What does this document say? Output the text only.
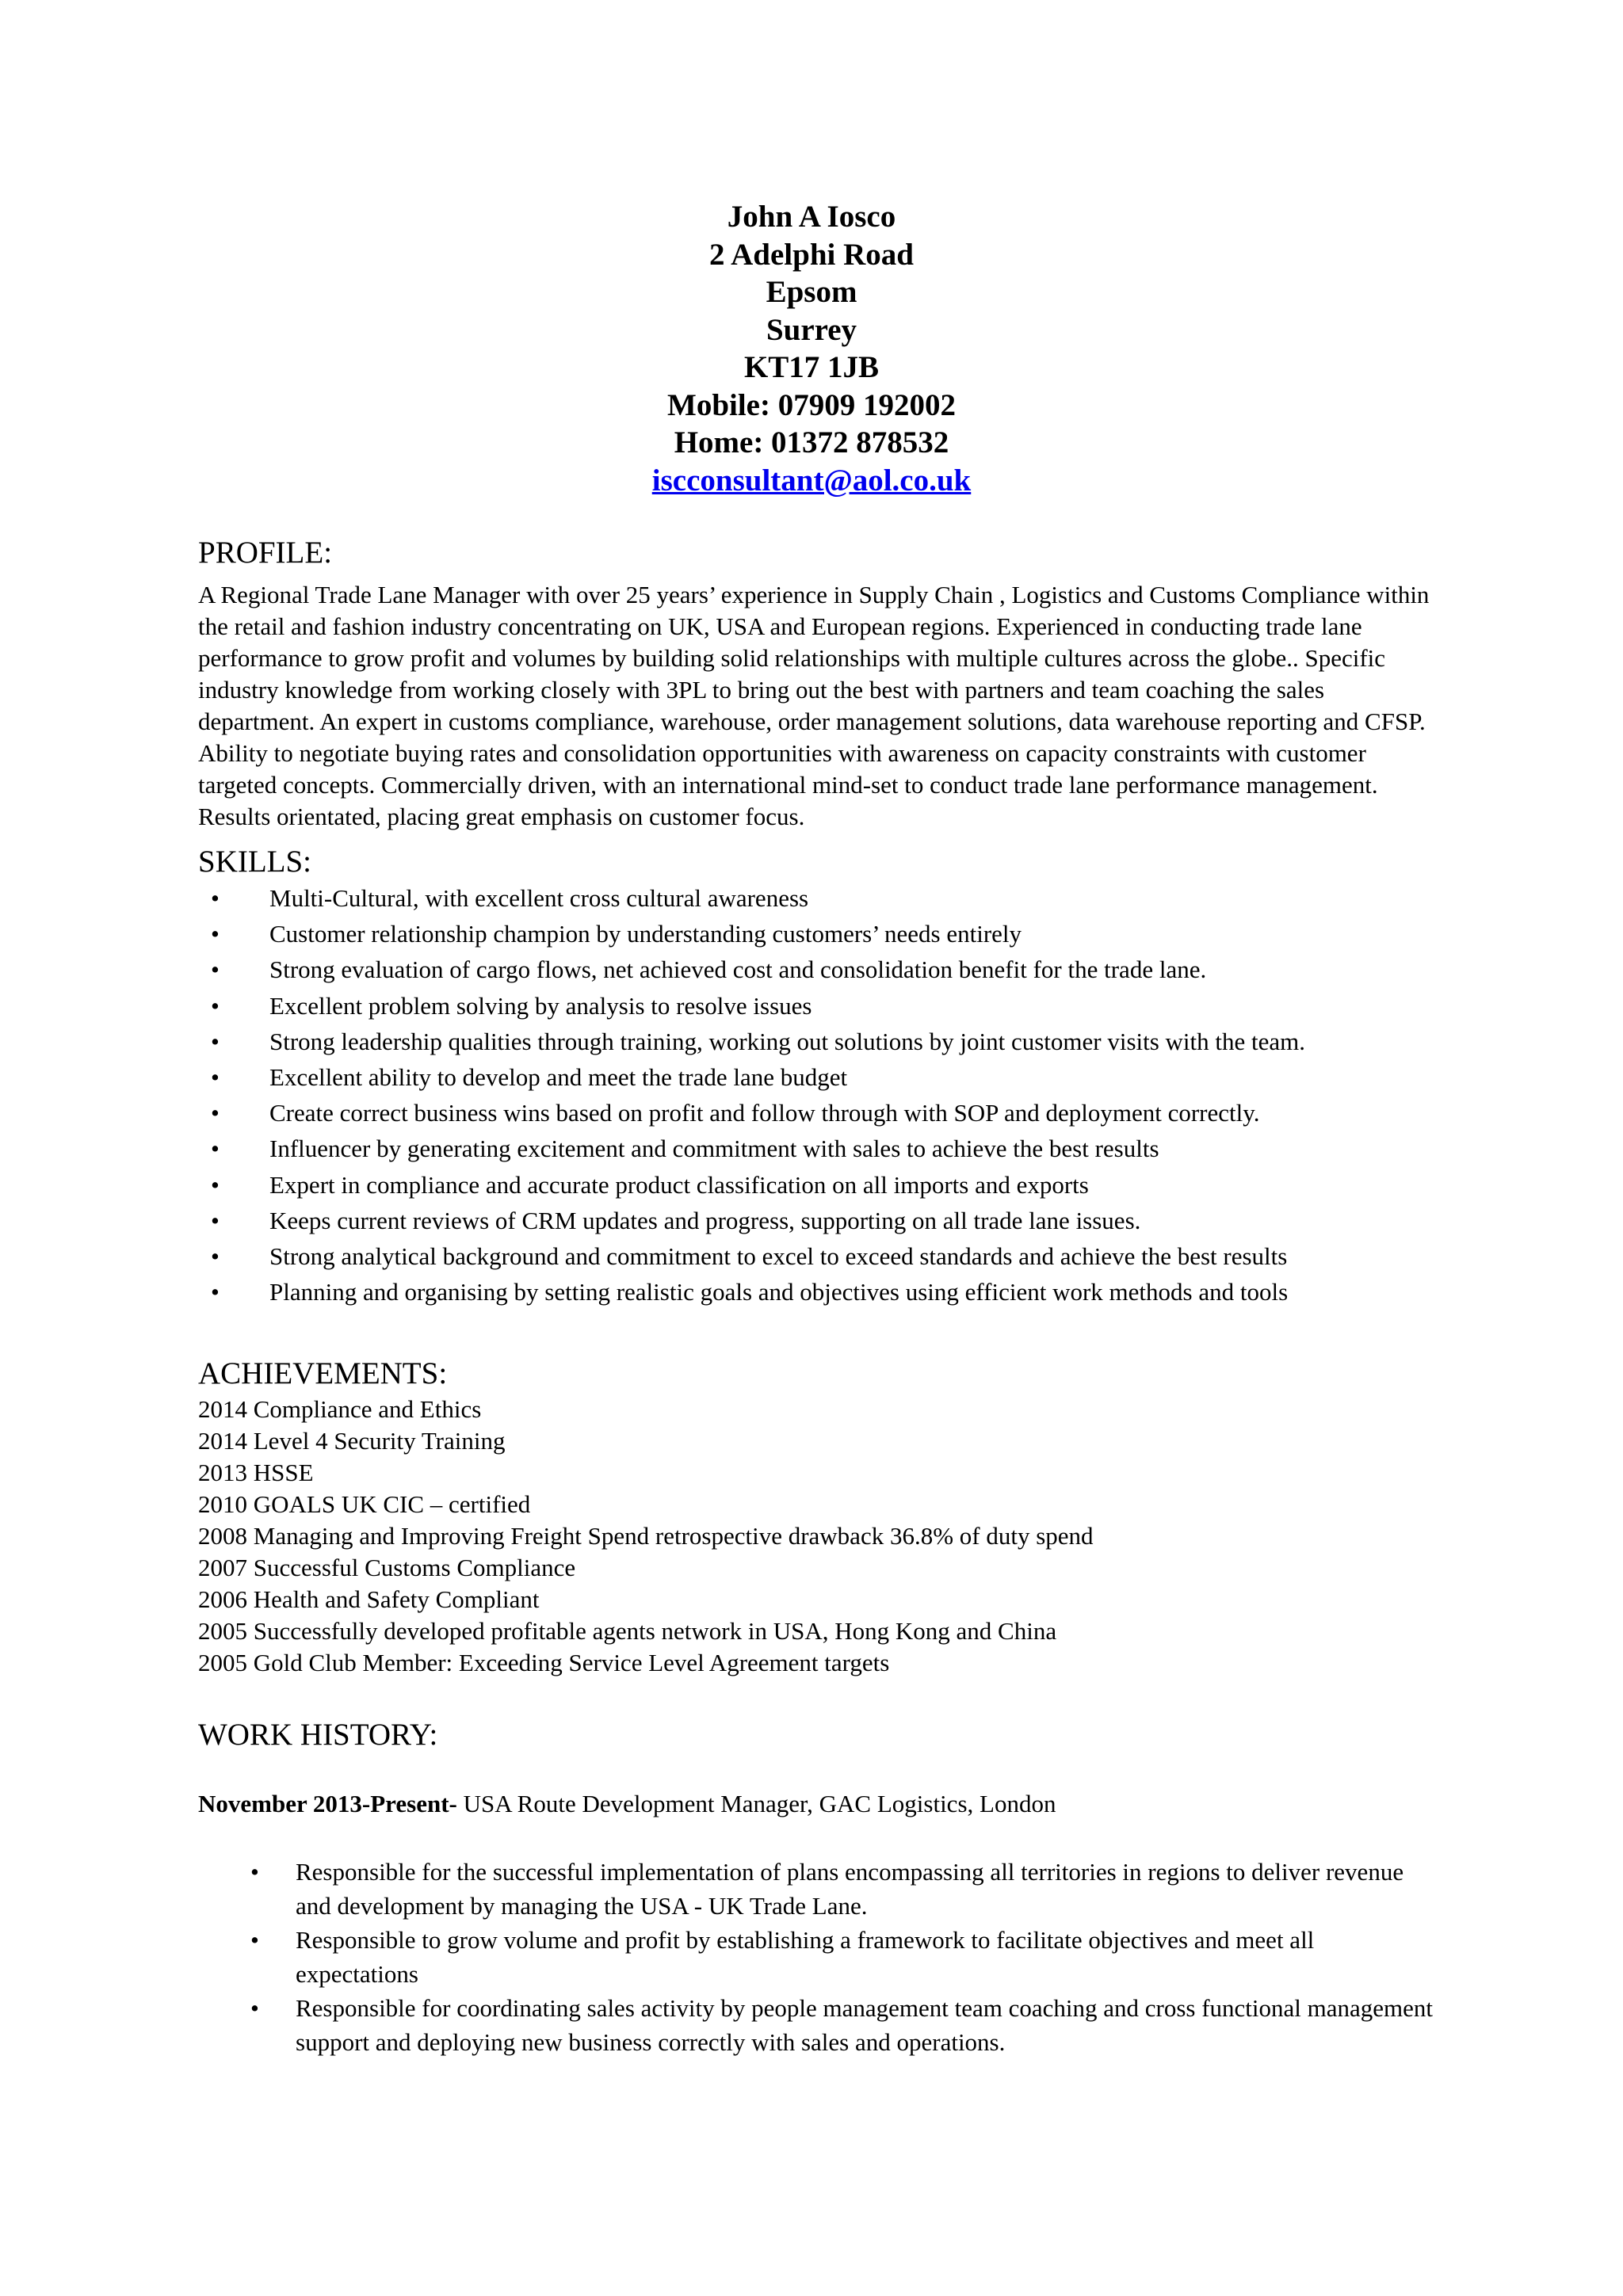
John A Iosco
2 Adelphi Road
Epsom
Surrey
KT17 1JB
Mobile: 07909 192002
Home: 01372 878532
iscconsultant@aol.co.uk
PROFILE:

A Regional Trade Lane Manager with over 25 years’ experience in Supply Chain , Logistics and Customs Compliance within the retail and fashion industry concentrating on UK, USA and European regions. Experienced in conducting trade lane performance to grow profit and volumes by building solid relationships with multiple cultures across the globe.. Specific industry knowledge from working closely with 3PL to bring out the best with partners and team coaching the sales department. An expert in customs compliance, warehouse, order management solutions, data warehouse reporting and CFSP. Ability to negotiate buying rates and consolidation opportunities with awareness on capacity constraints with customer targeted concepts. Commercially driven, with an international mind-set to conduct trade lane performance management. Results orientated, placing great emphasis on customer focus.

SKILLS:
• Multi-Cultural, with excellent cross cultural awareness
• Customer relationship champion by understanding customers’ needs entirely
• Strong evaluation of cargo flows, net achieved cost and consolidation benefit for the trade lane.
• Excellent problem solving by analysis to resolve issues
• Strong leadership qualities through training, working out solutions by joint customer visits with the team.
• Excellent ability to develop and meet the trade lane budget
• Create correct business wins based on profit and follow through with SOP and deployment correctly.
• Influencer by generating excitement and commitment with sales to achieve the best results
• Expert in compliance and accurate product classification on all imports and exports
• Keeps current reviews of CRM updates and progress, supporting on all trade lane issues.
• Strong analytical background and commitment to excel to exceed standards and achieve the best results
• Planning and organising by setting realistic goals and objectives using efficient work methods and tools
ACHIEVEMENTS:
2014 Compliance and Ethics
2014 Level 4 Security Training
2013 HSSE
2010 GOALS UK CIC – certified
2008 Managing and Improving Freight Spend retrospective drawback 36.8% of duty spend
2007 Successful Customs Compliance
2006 Health and Safety Compliant
2005 Successfully developed profitable agents network in USA, Hong Kong and China
2005 Gold Club Member: Exceeding Service Level Agreement targets
WORK HISTORY:
November 2013-Present- USA Route Development Manager, GAC Logistics, London
• Responsible for the successful implementation of plans encompassing all territories in regions to deliver revenue and development by managing the USA - UK Trade Lane.
• Responsible to grow volume and profit by establishing a framework to facilitate objectives and meet all expectations
• Responsible for coordinating sales activity by people management team coaching and cross functional management support and deploying new business correctly with sales and operations.
